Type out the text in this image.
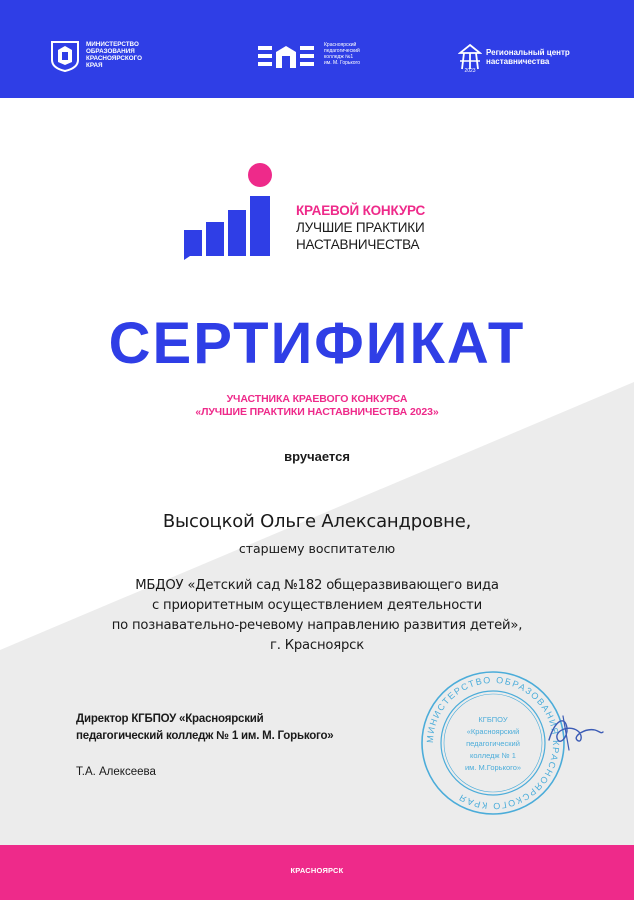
МИНИСТЕРСТВО
ОБРАЗОВАНИЯ
КРАСНОЯРСКОГО
КРАЯ
Красноярский
педагогический
колледж №1
им. М. Горького
2023
Региональный центр
наставничества
КРАЕВОЙ КОНКУРС
ЛУЧШИЕ ПРАКТИКИ
НАСТАВНИЧЕСТВА
СЕРТИФИКАТ
УЧАСТНИКА КРАЕВОГО КОНКУРСА
«ЛУЧШИЕ ПРАКТИКИ НАСТАВНИЧЕСТВА 2023»
вручается
Высоцкой Ольге Александровне,
старшему воспитателю
МБДОУ «Детский сад №182 общеразвивающего вида
с приоритетным осуществлением деятельности
по познавательно-речевому направлению развития детей»,
г. Красноярск
Директор КГБПОУ «Красноярский
педагогический колледж № 1 им. М. Горького»
Т.А. Алексеева
МИНИСТЕРСТВО ОБРАЗОВАНИЯ КРАСНОЯРСКОГО КРАЯ
КГБПОУ
«Красноярский
педагогический
колледж № 1
им. М.Горького»
КРАСНОЯРСК
